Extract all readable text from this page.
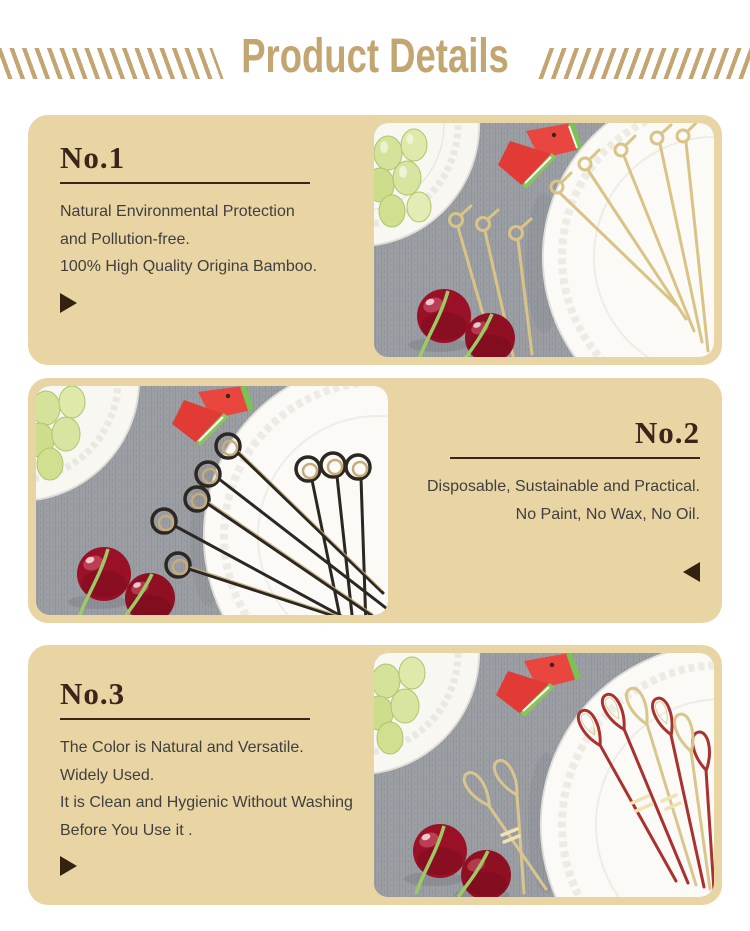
Product Details
No.1

Natural Environmental Protection

and Pollution-free.

100% High Quality Origina Bamboo.

No.2

Disposable, Sustainable and Practical.

No Paint, No Wax, No Oil.

No.3

The Color is Natural and Versatile.

Widely Used.

It is Clean and Hygienic Without Washing

Before You Use it .
